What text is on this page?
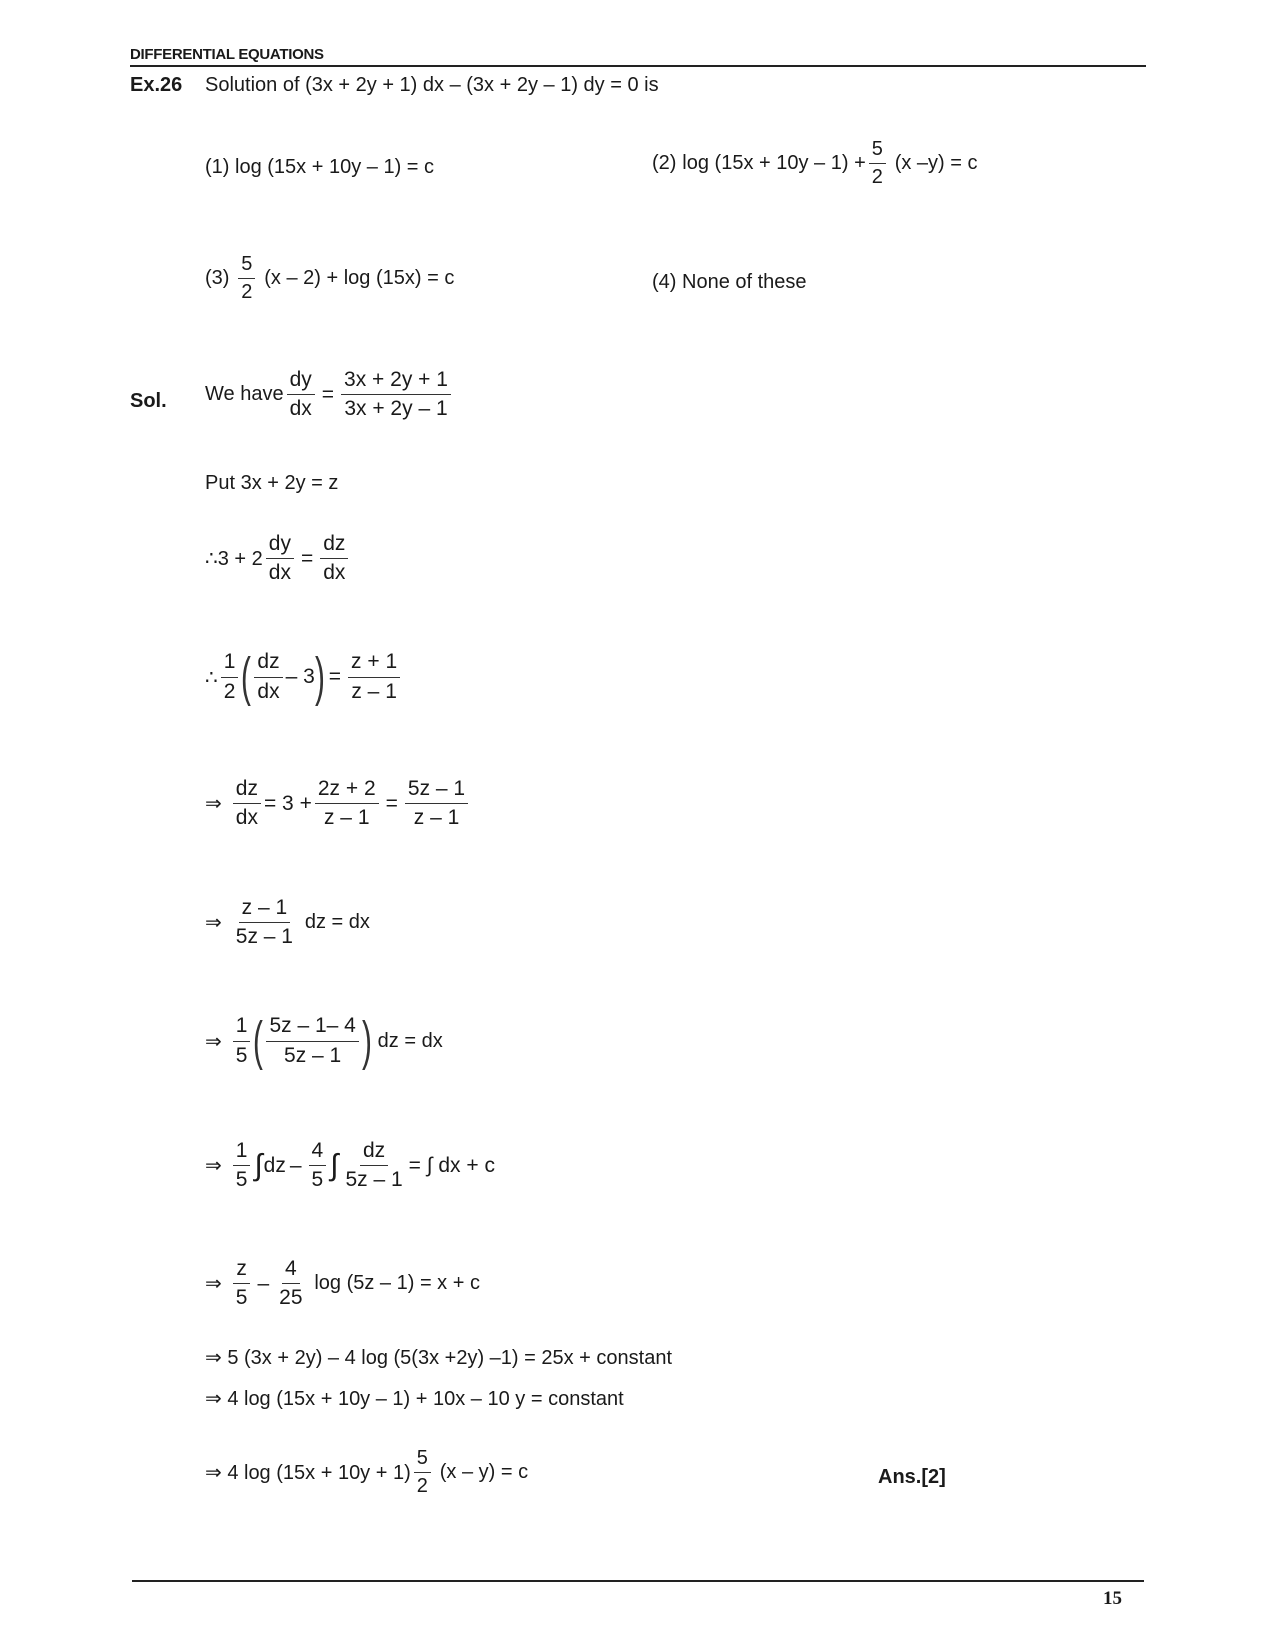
DIFFERENTIAL EQUATIONS
Ex.26 Solution of (3x + 2y + 1) dx – (3x + 2y – 1) dy = 0 is
(1) log (15x + 10y – 1) = c	(2)
$\log (15x + 10y - 1) + \frac{5}{2}$
(x –y) = c
(3)
$\frac{5}{2}$
(x – 2) + log (15x) = c	(4) None of these
Sol. We have $\frac{dy}{dx} = \frac{3x + 2y + 1}{3x + 2y - 1}$
Put 3x + 2y = z
∴3 + $2 \frac{dy}{dx} = \frac{dz}{dx}$
∴ $\frac{1}{2}$ ( $\frac{dz}{dx} - 3$ ) = $\frac{z + 1}{z - 1}$
⇒ $\frac{dz}{dx} = 3 + \frac{2z + 2}{z - 1} = \frac{5z - 1}{z - 1}$
⇒ $\frac{z - 1}{5z - 1}$
dz = dx
⇒ $\frac{1}{5}$ ( $\frac{5z - 1- 4}{5z - 1}$ )
dz = dx
⇒ $\frac{1}{5}$ ∫ dz – $\frac{4}{5}$ ∫ $\frac{dz}{5z - 1}$ = ∫ dx + c
⇒ $\frac{z}{5} - \frac{4}{25}$
log (5z – 1) = x + c
⇒ 5 (3x + 2y) – 4 log (5(3x +2y) –1) = 25x + constant
⇒ 4 log (15x + 10y – 1) + 10x – 10 y = constant
⇒ 4 $\log (15x + 10y + 1) \frac{5}{2}$
(x – y) = c	Ans.[2]
15
